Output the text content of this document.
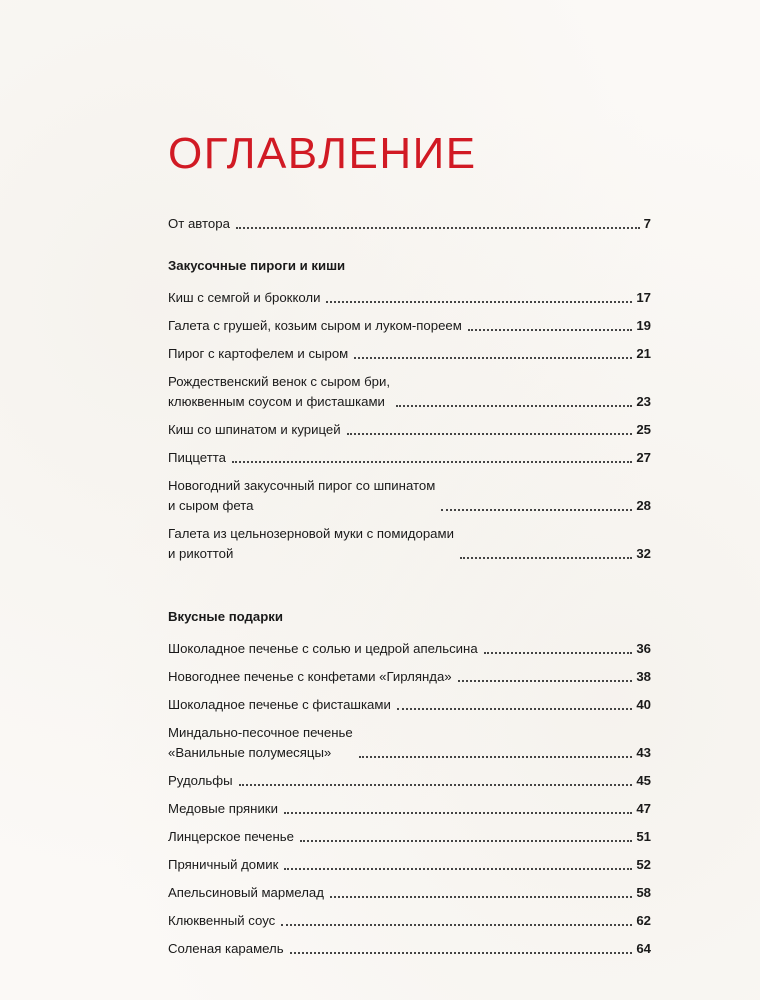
ОГЛАВЛЕНИЕ
От автора	7
Закусочные пироги и киши
Киш с семгой и брокколи	17
Галета с грушей, козьим сыром и луком-пореем	19
Пирог с картофелем и сыром	21
Рождественский венок с сыром бри,
клюквенным соусом и фисташками	23
Киш со шпинатом и курицей	25
Пиццетта	27
Новогодний закусочный пирог со шпинатом
и сыром фета	28
Галета из цельнозерновой муки с помидорами
и рикоттой	32
Вкусные подарки
Шоколадное печенье с солью и цедрой апельсина	36
Новогоднее печенье с конфетами «Гирлянда»	38
Шоколадное печенье с фисташками	40
Миндально-песочное печенье
«Ванильные полумесяцы»	43
Рудольфы	45
Медовые пряники	47
Линцерское печенье	51
Пряничный домик	52
Апельсиновый мармелад	58
Клюквенный соус	62
Соленая карамель	64
